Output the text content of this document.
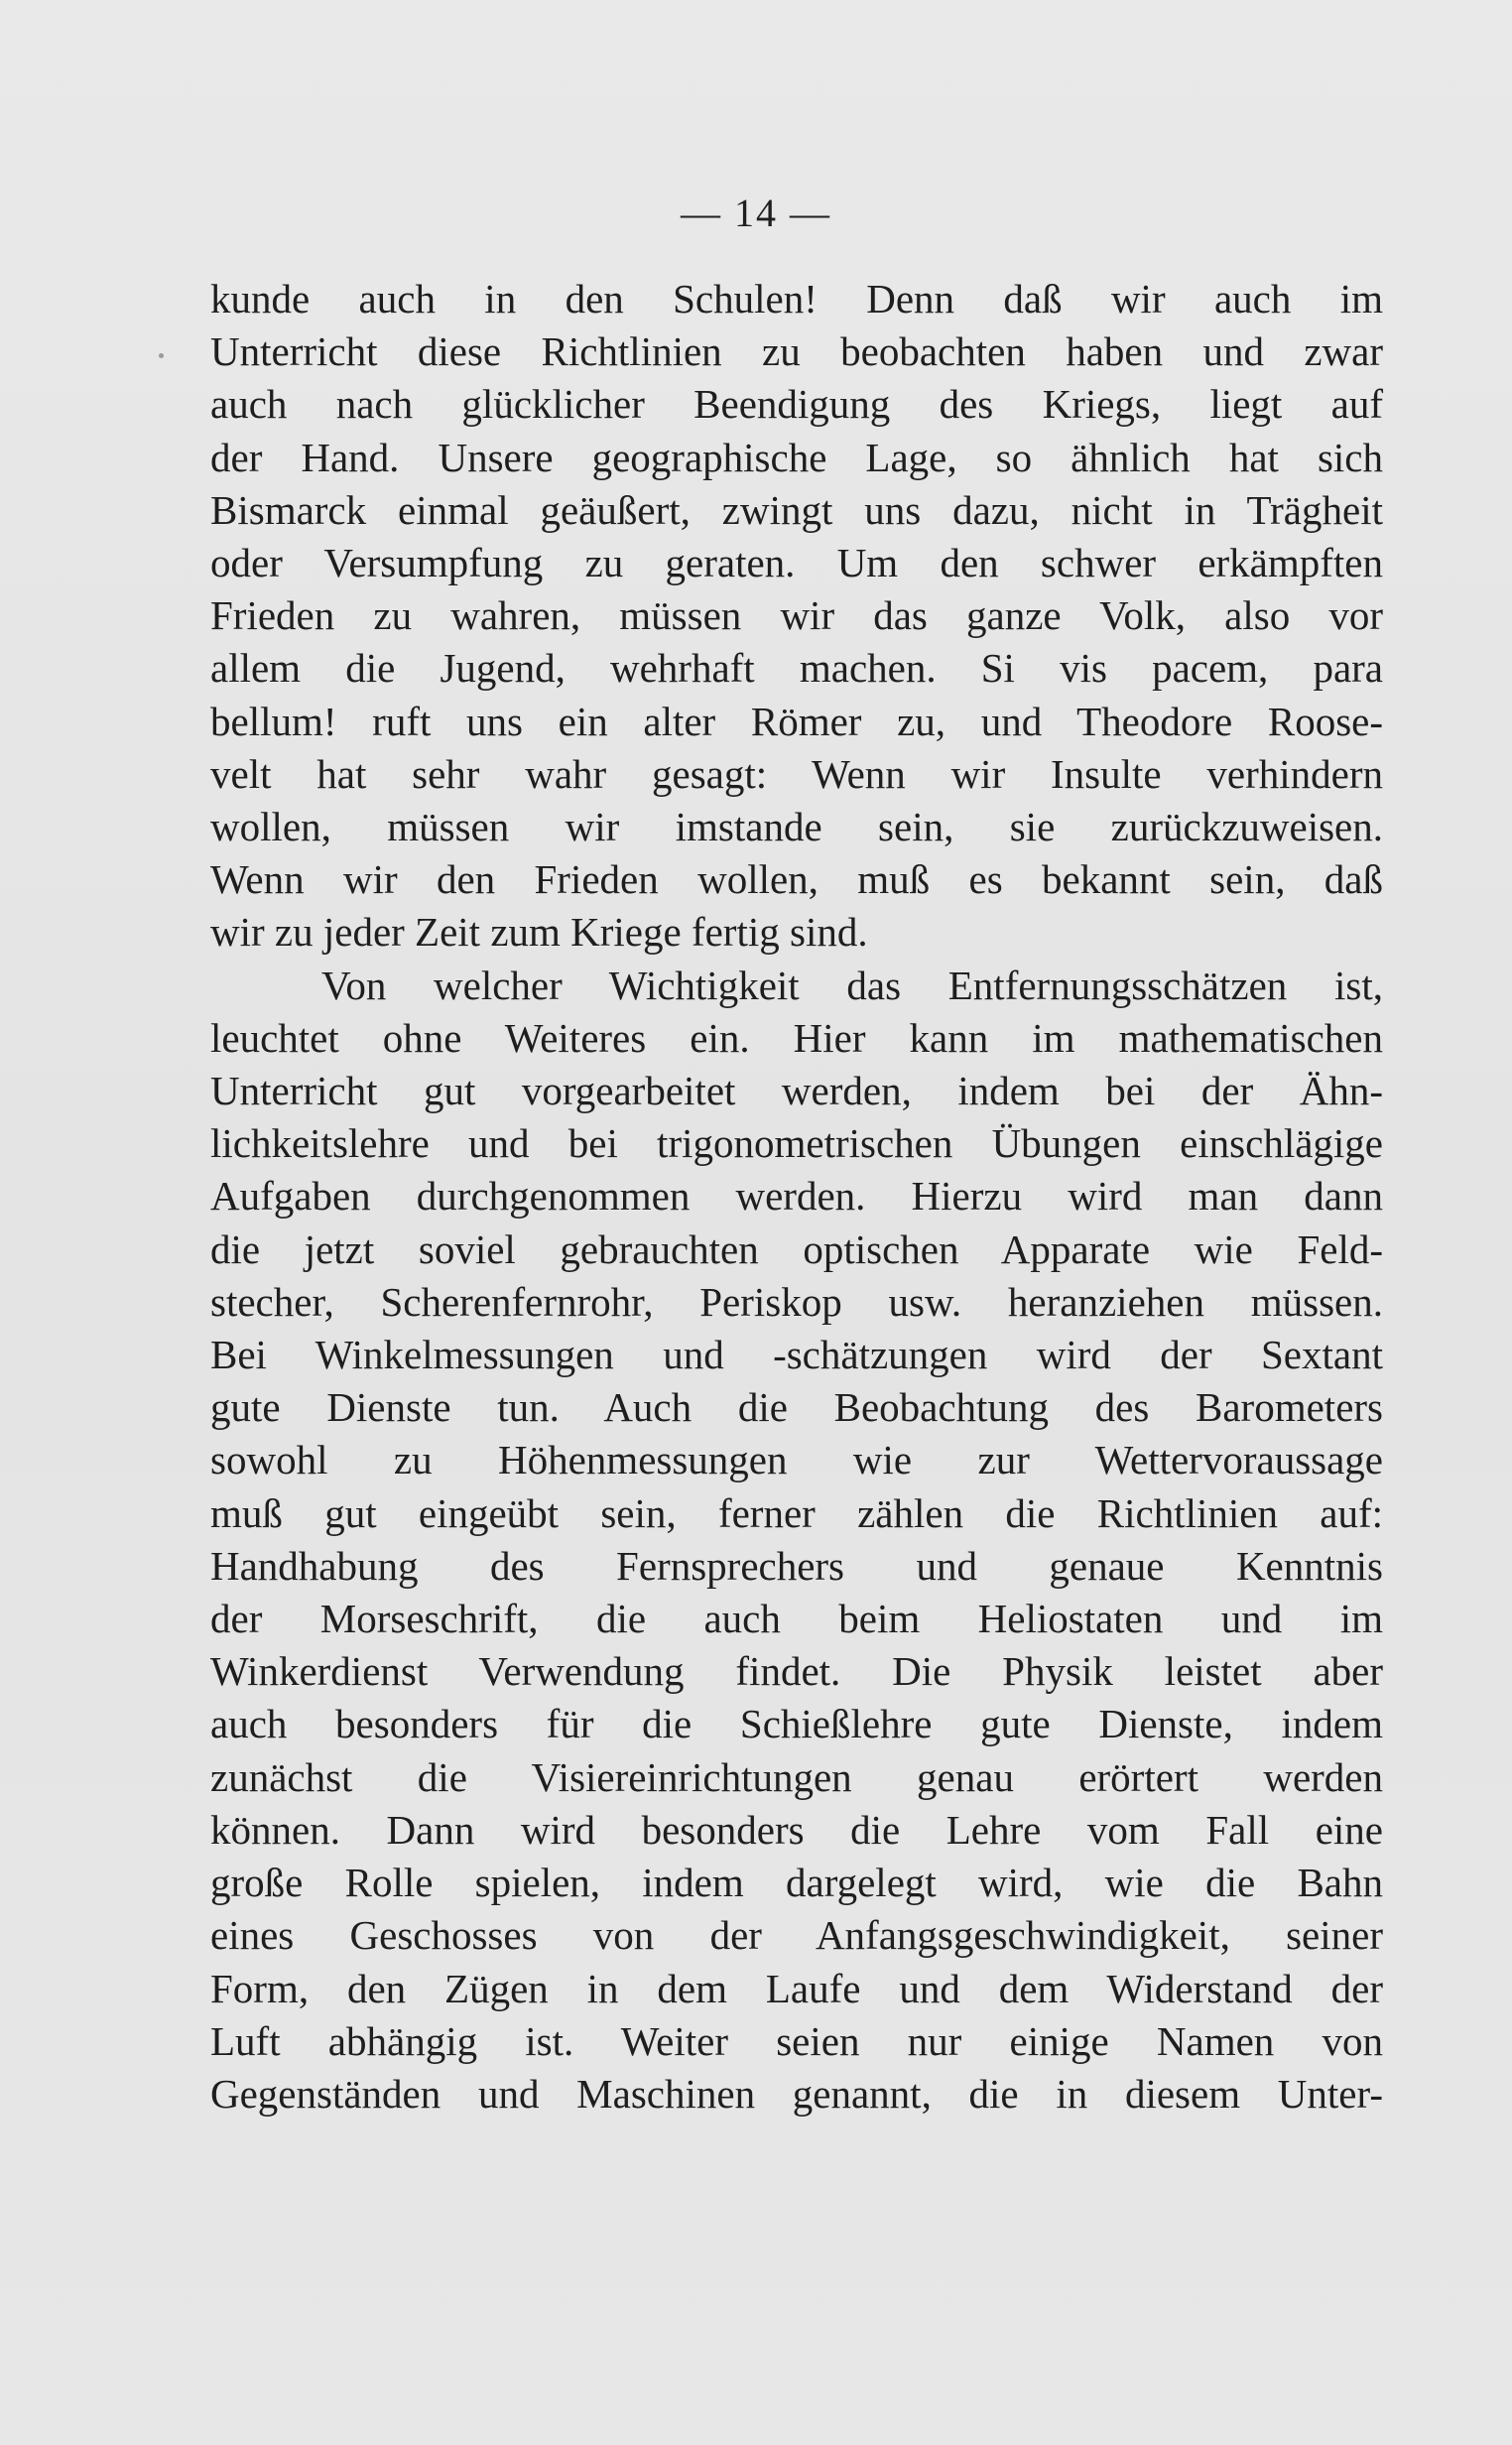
— 14 —

kunde auch in den Schulen! Denn daß wir auch im
Unterricht diese Richtlinien zu beobachten haben und zwar
auch nach glücklicher Beendigung des Kriegs, liegt auf
der Hand. Unsere geographische Lage, so ähnlich hat sich
Bismarck einmal geäußert, zwingt uns dazu, nicht in Trägheit
oder Versumpfung zu geraten. Um den schwer erkämpften
Frieden zu wahren, müssen wir das ganze Volk, also vor
allem die Jugend, wehrhaft machen. Si vis pacem, para
bellum! ruft uns ein alter Römer zu, und Theodore Roose-
velt hat sehr wahr gesagt: Wenn wir Insulte verhindern
wollen, müssen wir imstande sein, sie zurückzuweisen.
Wenn wir den Frieden wollen, muß es bekannt sein, daß
wir zu jeder Zeit zum Kriege fertig sind.

Von welcher Wichtigkeit das Entfernungsschätzen ist,
leuchtet ohne Weiteres ein. Hier kann im mathematischen
Unterricht gut vorgearbeitet werden, indem bei der Ähn-
lichkeitslehre und bei trigonometrischen Übungen einschlägige
Aufgaben durchgenommen werden. Hierzu wird man dann
die jetzt soviel gebrauchten optischen Apparate wie Feld-
stecher, Scherenfernrohr, Periskop usw. heranziehen müssen.
Bei Winkelmessungen und -schätzungen wird der Sextant
gute Dienste tun. Auch die Beobachtung des Barometers
sowohl zu Höhenmessungen wie zur Wettervoraussage
muß gut eingeübt sein, ferner zählen die Richtlinien auf:
Handhabung des Fernsprechers und genaue Kenntnis
der Morseschrift, die auch beim Heliostaten und im
Winkerdienst Verwendung findet. Die Physik leistet aber
auch besonders für die Schießlehre gute Dienste, indem
zunächst die Visiereinrichtungen genau erörtert werden
können. Dann wird besonders die Lehre vom Fall eine
große Rolle spielen, indem dargelegt wird, wie die Bahn
eines Geschosses von der Anfangsgeschwindigkeit, seiner
Form, den Zügen in dem Laufe und dem Widerstand der
Luft abhängig ist. Weiter seien nur einige Namen von
Gegenständen und Maschinen genannt, die in diesem Unter-
